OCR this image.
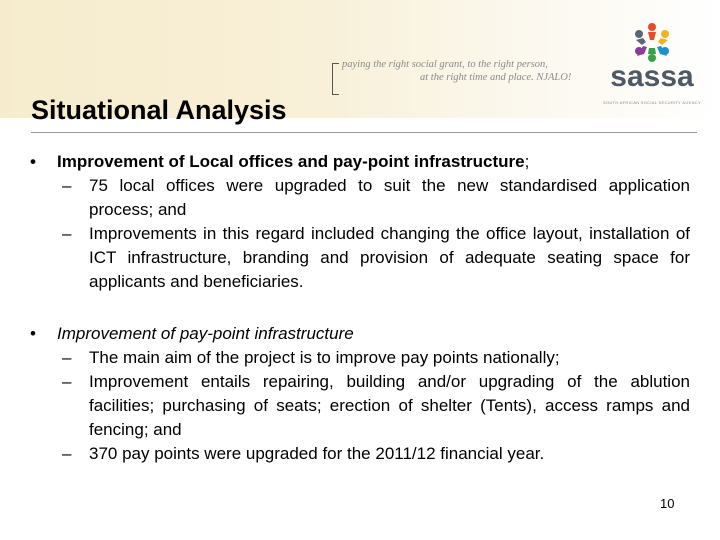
paying the right social grant, to the right person,
at the right time and place. NJALO! sassa
SOUTH AFRICAN SOCIAL SECURITY AGENCY
Situational Analysis
•	Improvement of Local offices and pay-point infrastructure;
–	75 local offices were upgraded to suit the new standardised application process; and
–	Improvements in this regard included changing the office layout, installation of ICT infrastructure, branding and provision of adequate seating space for applicants and beneficiaries.
•	Improvement of pay-point infrastructure
–	The main aim of the project is to improve pay points nationally;
–	Improvement entails repairing, building and/or upgrading of the ablution facilities; purchasing of seats; erection of shelter (Tents), access ramps and fencing; and
–	370 pay points were upgraded for the 2011/12 financial year.
10
